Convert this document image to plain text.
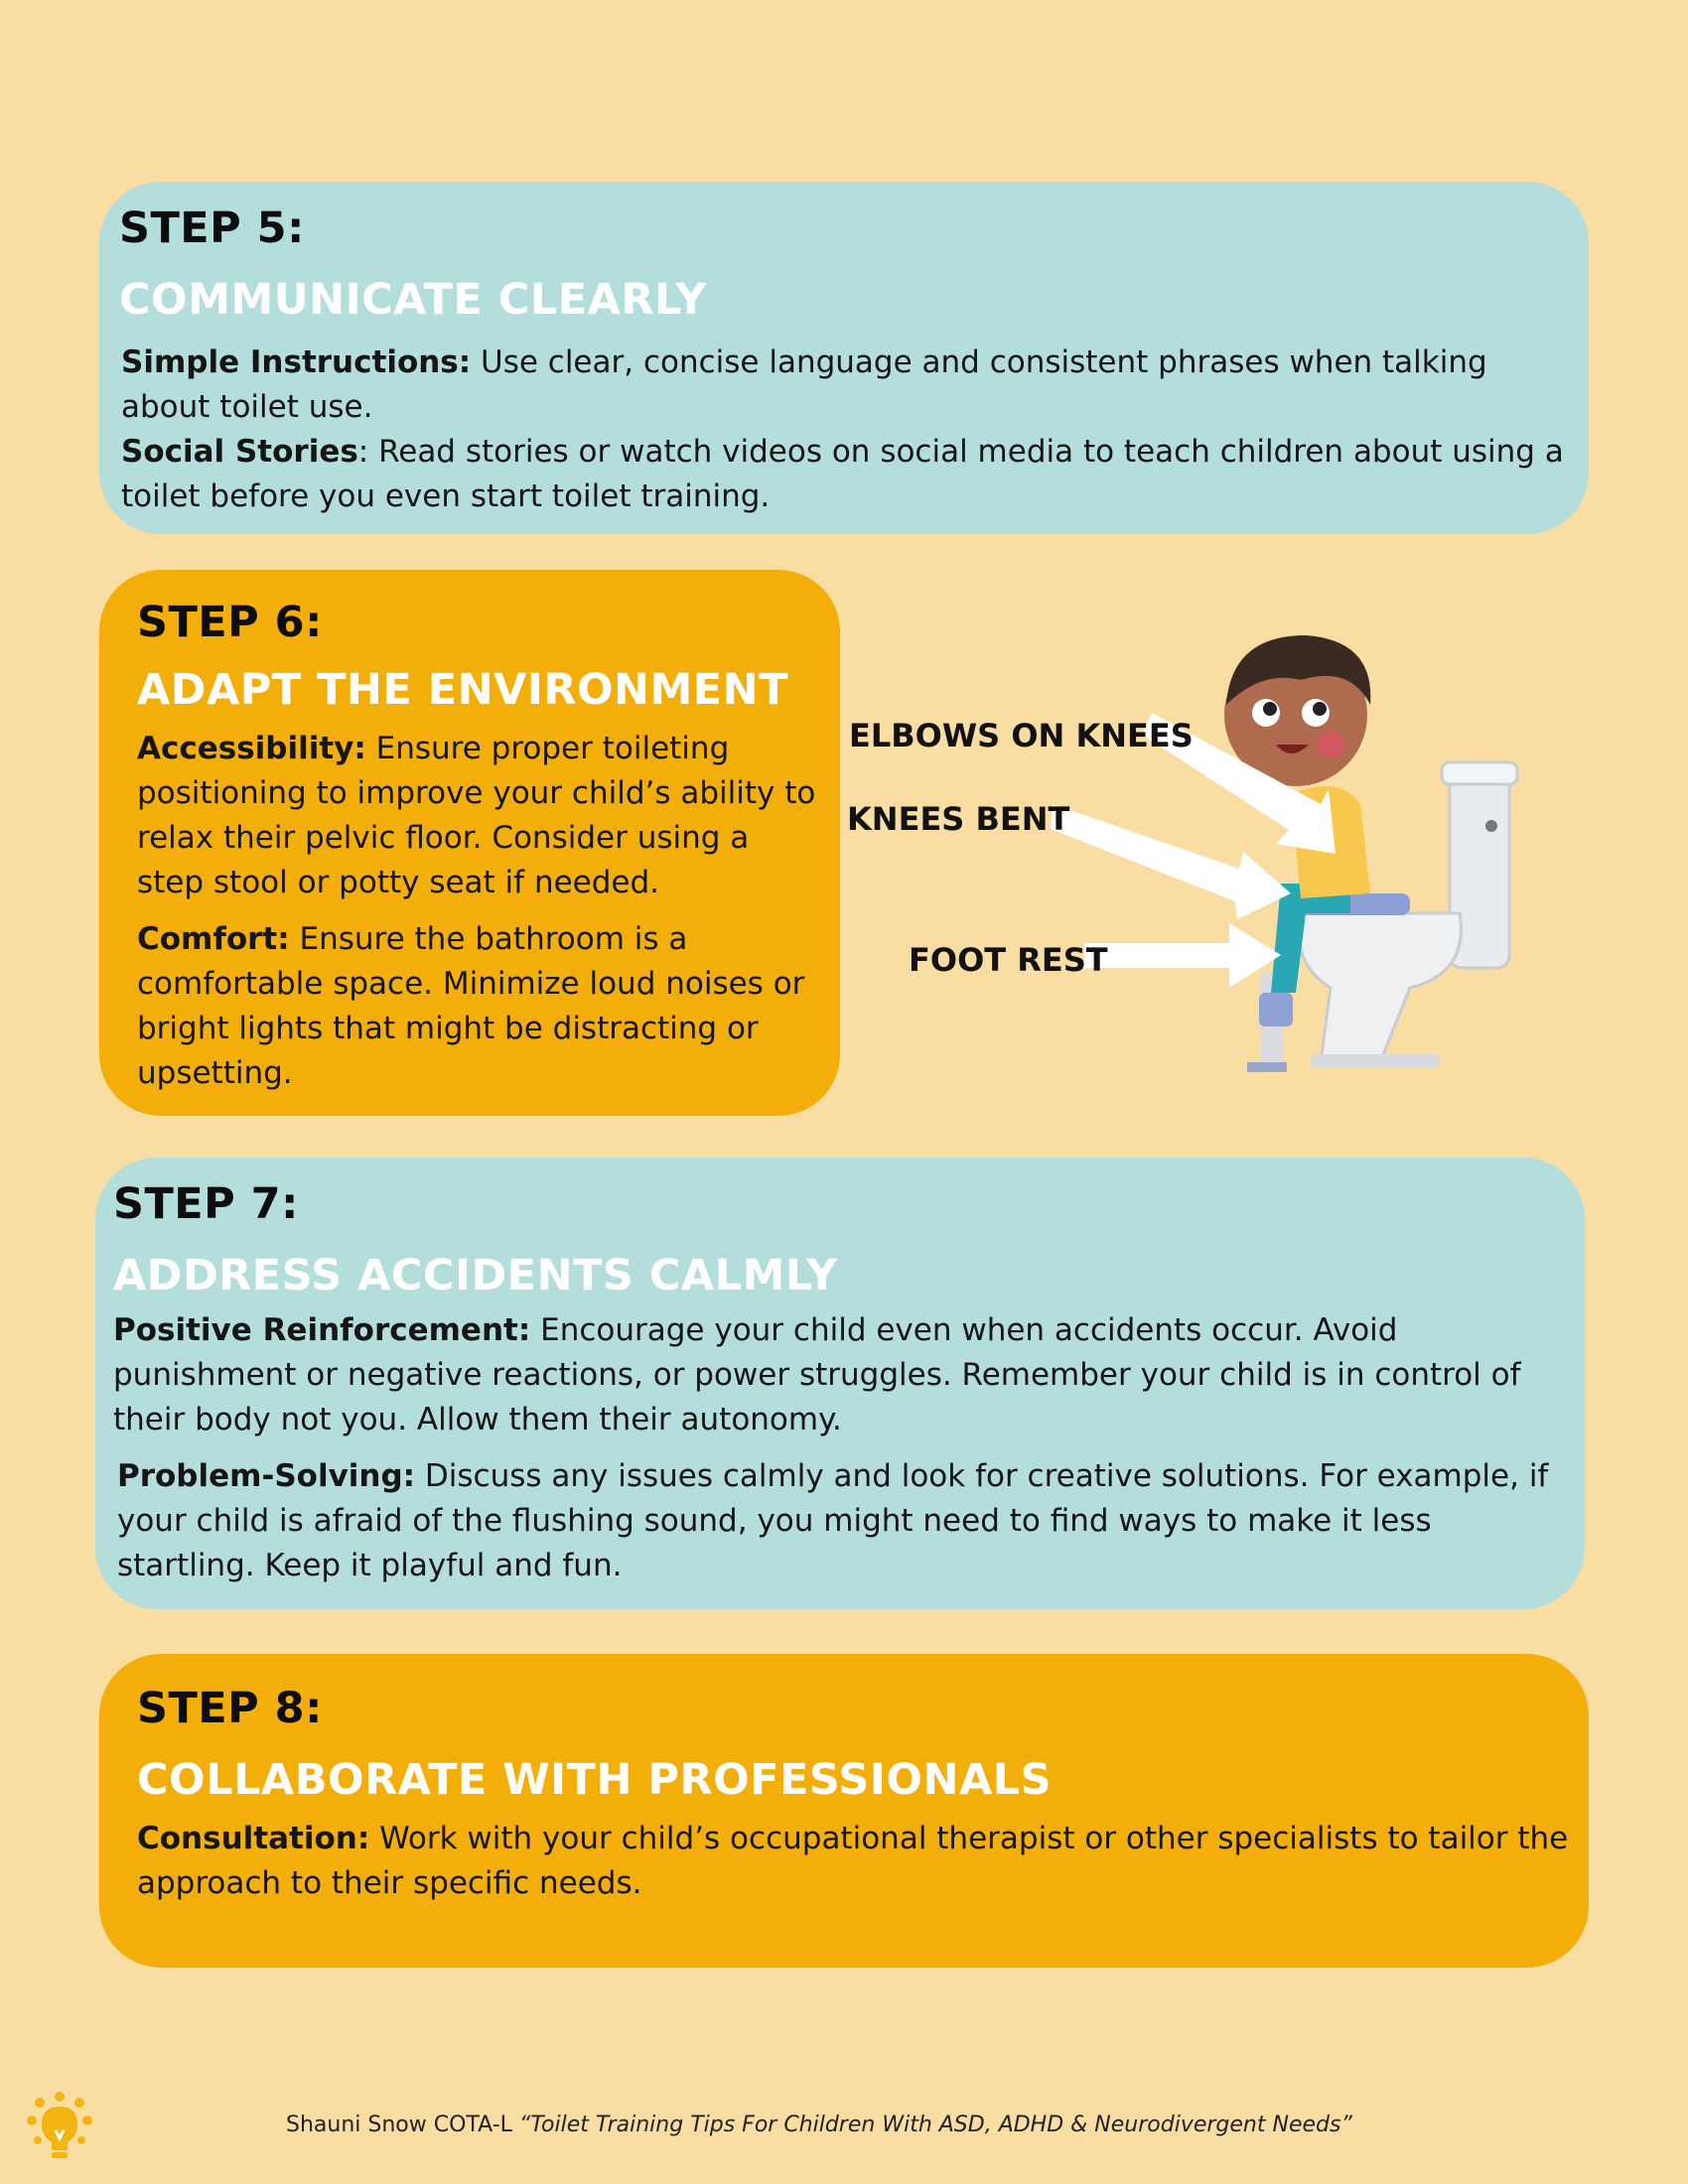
STEP 5:
COMMUNICATE CLEARLY

Simple Instructions: Use clear, concise language and consistent phrases when talking about toilet use.

Social Stories: Read stories or watch videos on social media to teach children about using a toilet before you even start toilet training.

STEP 6:
ADAPT THE ENVIRONMENT

Accessibility: Ensure proper toileting positioning to improve your child’s ability to relax their pelvic floor. Consider using a step stool or potty seat if needed.

Comfort: Ensure the bathroom is a comfortable space. Minimize loud noises or bright lights that might be distracting or upsetting.

ELBOWS ON KNEES
KNEES BENT
FOOT REST
STEP 7:
ADDRESS ACCIDENTS CALMLY

Positive Reinforcement: Encourage your child even when accidents occur. Avoid punishment or negative reactions, or power struggles. Remember your child is in control of their body not you. Allow them their autonomy.

Problem-Solving: Discuss any issues calmly and look for creative solutions. For example, if your child is afraid of the flushing sound, you might need to find ways to make it less startling. Keep it playful and fun.

STEP 8:
COLLABORATE WITH PROFESSIONALS

Consultation: Work with your child’s occupational therapist or other specialists to tailor the approach to their specific needs.

Shauni Snow COTA-L “Toilet Training Tips For Children With ASD, ADHD & Neurodivergent Needs”
